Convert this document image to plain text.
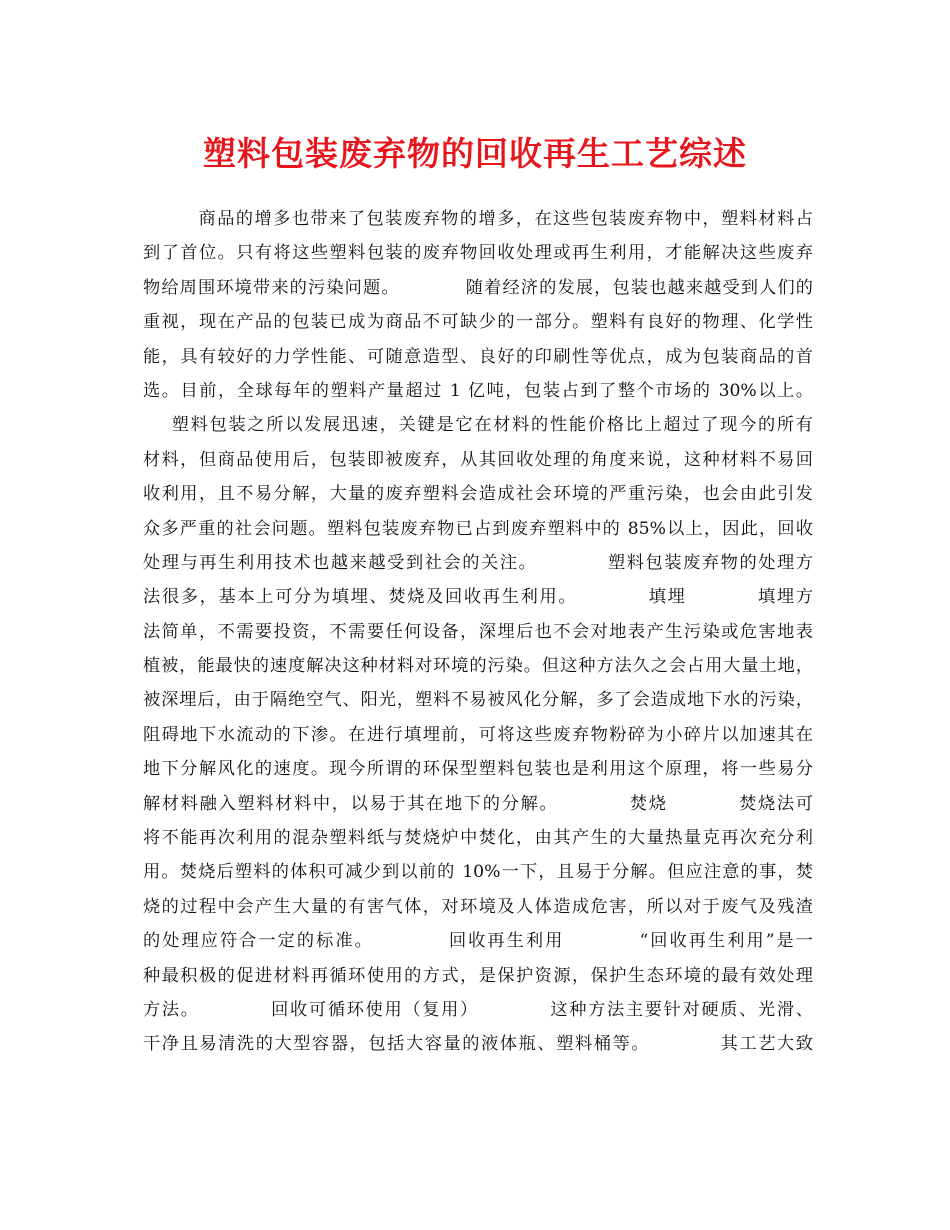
塑料包装废弃物的回收再生工艺综述
商品的增多也带来了包装废弃物的增多，在这些包装废弃物中，塑料材料占
到了首位。只有将这些塑料包装的废弃物回收处理或再生利用，才能解决这些废弃
物给周围环境带来的污染问题。          随着经济的发展，包装也越来越受到人们的
重视，现在产品的包装已成为商品不可缺少的一部分。塑料有良好的物理、化学性
能，具有较好的力学性能、可随意造型、良好的印刷性等优点，成为包装商品的首
选。目前，全球每年的塑料产量超过 1 亿吨，包装占到了整个市场的 30%以上。
塑料包装之所以发展迅速，关键是它在材料的性能价格比上超过了现今的所有
材料，但商品使用后，包装即被废弃，从其回收处理的角度来说，这种材料不易回
收利用，且不易分解，大量的废弃塑料会造成社会环境的严重污染，也会由此引发
众多严重的社会问题。塑料包装废弃物已占到废弃塑料中的 85%以上，因此，回收
处理与再生利用技术也越来越受到社会的关注。          塑料包装废弃物的处理方
法很多，基本上可分为填埋、焚烧及回收再生利用。          填埋          填埋方
法简单，不需要投资，不需要任何设备，深埋后也不会对地表产生污染或危害地表
植被，能最快的速度解决这种材料对环境的污染。但这种方法久之会占用大量土地，
被深埋后，由于隔绝空气、阳光，塑料不易被风化分解，多了会造成地下水的污染，
阻碍地下水流动的下渗。在进行填埋前，可将这些废弃物粉碎为小碎片以加速其在
地下分解风化的速度。现今所谓的环保型塑料包装也是利用这个原理，将一些易分
解材料融入塑料材料中，以易于其在地下的分解。          焚烧          焚烧法可
将不能再次利用的混杂塑料纸与焚烧炉中焚化，由其产生的大量热量克再次充分利
用。焚烧后塑料的体积可减少到以前的 10%一下，且易于分解。但应注意的事，焚
烧的过程中会产生大量的有害气体，对环境及人体造成危害，所以对于废气及残渣
的处理应符合一定的标准。          回收再生利用          “回收再生利用”是一
种最积极的促进材料再循环使用的方式，是保护资源，保护生态环境的最有效处理
方法。          回收可循环使用（复用）          这种方法主要针对硬质、光滑、
干净且易清洗的大型容器，包括大容量的液体瓶、塑料桶等。          其工艺大致
